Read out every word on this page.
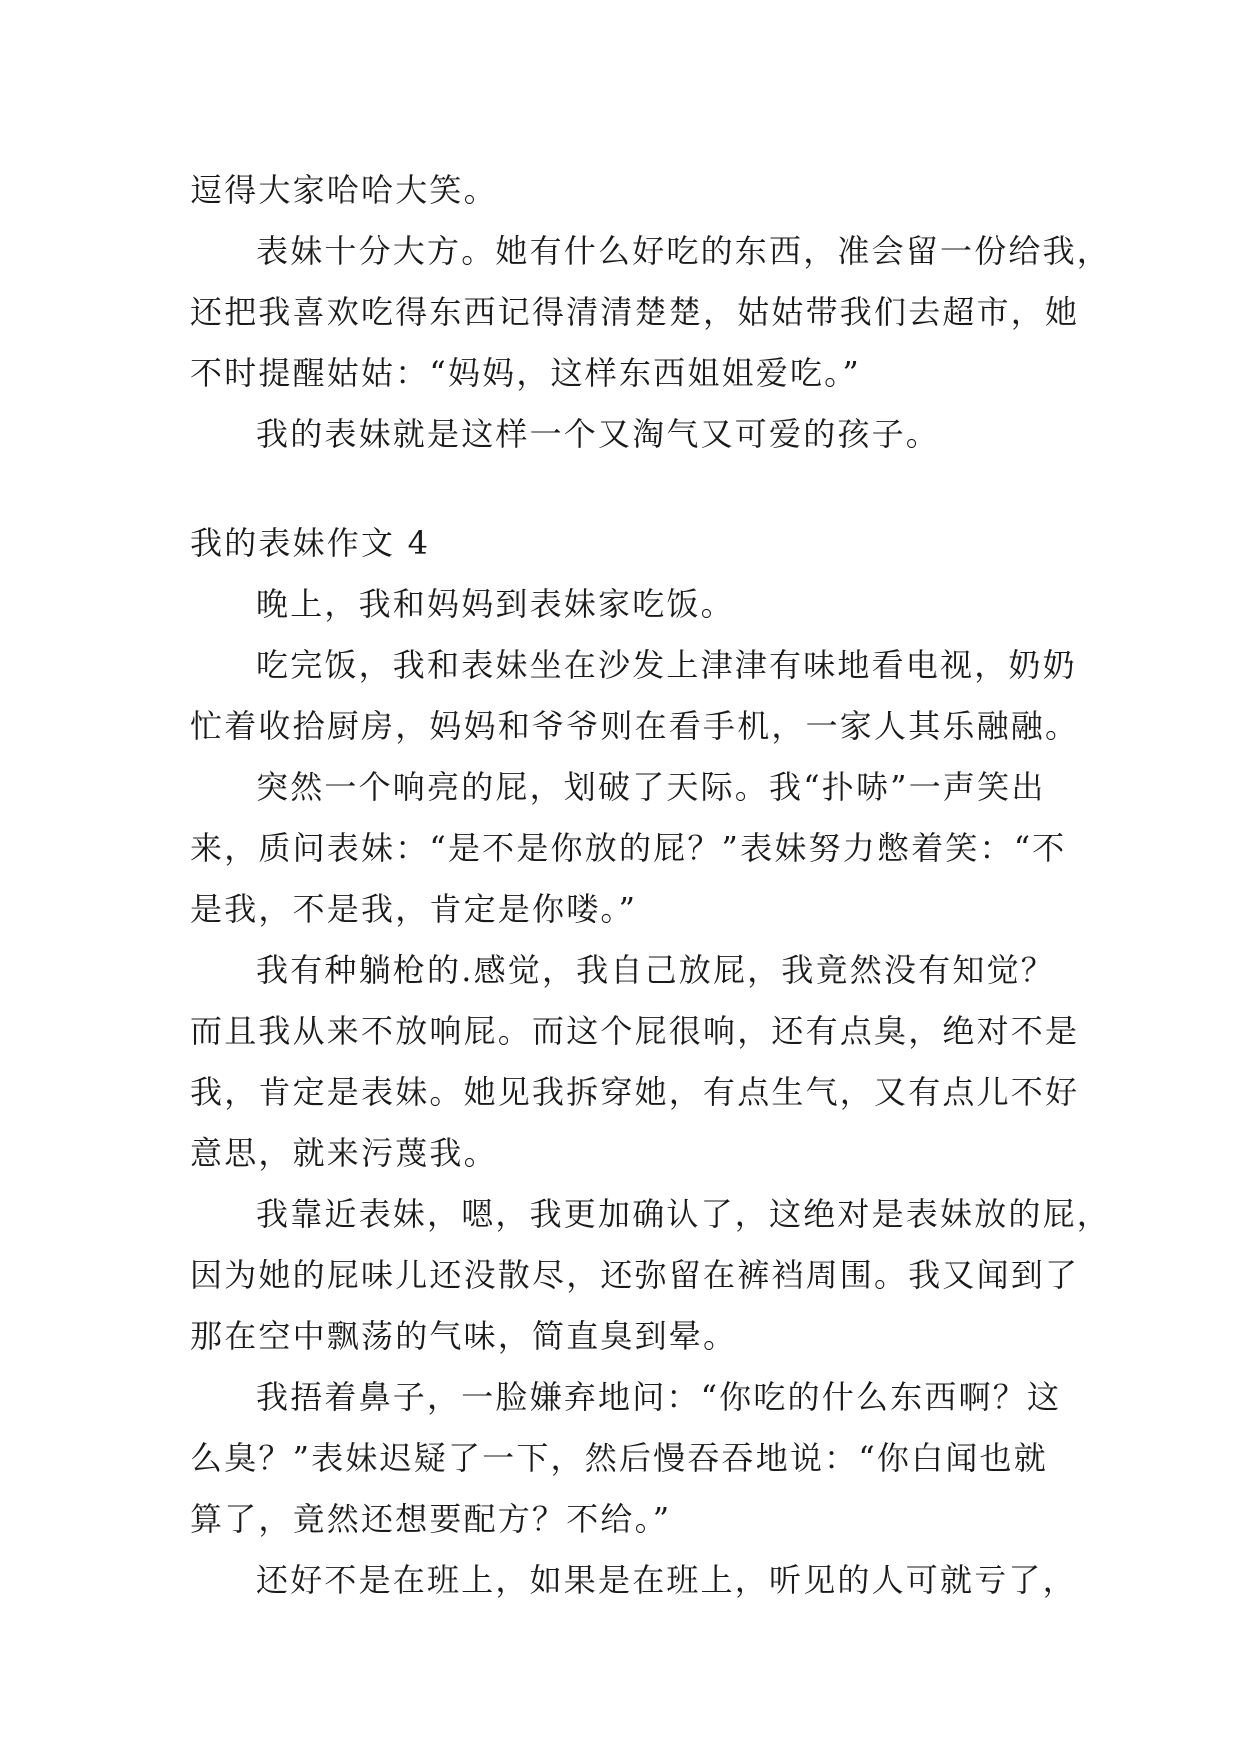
逗得大家哈哈大笑。
表妹十分大方。她有什么好吃的东西，准会留一份给我，
还把我喜欢吃得东西记得清清楚楚，姑姑带我们去超市，她
不时提醒姑姑：“妈妈，这样东西姐姐爱吃。”
我的表妹就是这样一个又淘气又可爱的孩子。
我的表妹作文 4
晚上，我和妈妈到表妹家吃饭。
吃完饭，我和表妹坐在沙发上津津有味地看电视，奶奶
忙着收拾厨房，妈妈和爷爷则在看手机，一家人其乐融融。
突然一个响亮的屁，划破了天际。我“扑哧”一声笑出
来，质问表妹：“是不是你放的屁？”表妹努力憋着笑：“不
是我，不是我，肯定是你喽。”
我有种躺枪的.感觉，我自己放屁，我竟然没有知觉？
而且我从来不放响屁。而这个屁很响，还有点臭，绝对不是
我，肯定是表妹。她见我拆穿她，有点生气，又有点儿不好
意思，就来污蔑我。
我靠近表妹，嗯，我更加确认了，这绝对是表妹放的屁，
因为她的屁味儿还没散尽，还弥留在裤裆周围。我又闻到了
那在空中飘荡的气味，简直臭到晕。
我捂着鼻子，一脸嫌弃地问：“你吃的什么东西啊？这
么臭？”表妹迟疑了一下，然后慢吞吞地说：“你白闻也就
算了，竟然还想要配方？不给。”
还好不是在班上，如果是在班上，听见的人可就亏了，
